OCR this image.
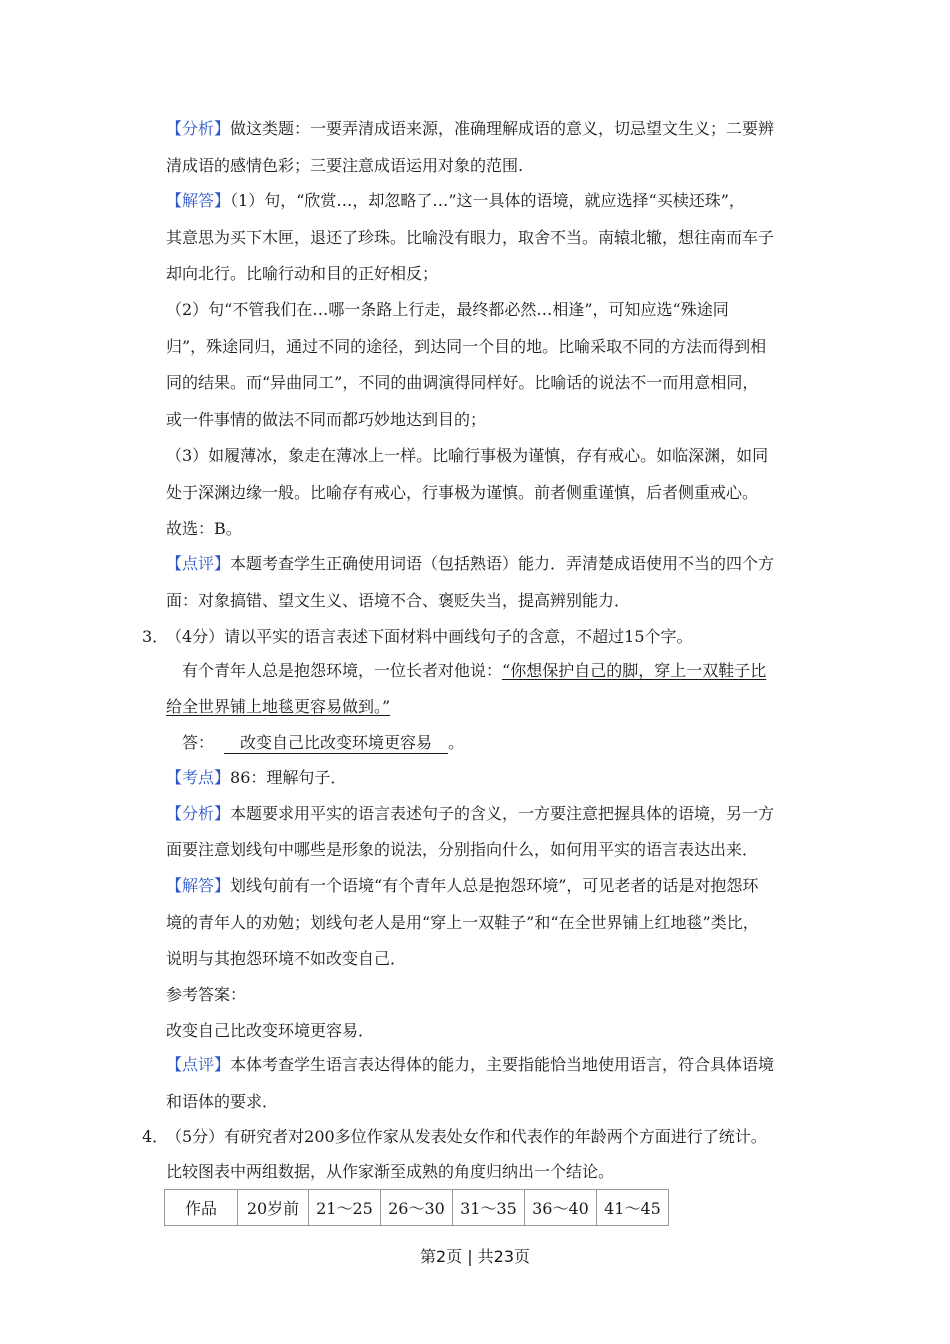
【分析】做这类题：一要弄清成语来源，准确理解成语的意义，切忌望文生义；二要辨
清成语的感情色彩；三要注意成语运用对象的范围.
【解答】（1）句，“欣赏…，却忽略了…”这一具体的语境，就应选择“买椟还珠”，
其意思为买下木匣，退还了珍珠。比喻没有眼力，取舍不当。南辕北辙，想往南而车子
却向北行。比喻行动和目的正好相反；
（2）句“不管我们在…哪一条路上行走，最终都必然…相逢”，可知应选“殊途同
归”，殊途同归，通过不同的途径，到达同一个目的地。比喻采取不同的方法而得到相
同的结果。而“异曲同工”，不同的曲调演得同样好。比喻话的说法不一而用意相同，
或一件事情的做法不同而都巧妙地达到目的；
（3）如履薄冰，象走在薄冰上一样。比喻行事极为谨慎，存有戒心。如临深渊，如同
处于深渊边缘一般。比喻存有戒心，行事极为谨慎。前者侧重谨慎，后者侧重戒心。
故选：B。
【点评】本题考查学生正确使用词语（包括熟语）能力．弄清楚成语使用不当的四个方
面：对象搞错、望文生义、语境不合、褒贬失当，提高辨别能力．
3．
（4分）请以平实的语言表述下面材料中画线句子的含意，不超过15个字。
有个青年人总是抱怨环境，一位长者对他说：“你想保护自己的脚，穿上一双鞋子比
给全世界铺上地毯更容易做到。”
答： 改变自己比改变环境更容易 。
【考点】86：理解句子．
【分析】本题要求用平实的语言表述句子的含义，一方要注意把握具体的语境，另一方
面要注意划线句中哪些是形象的说法，分别指向什么，如何用平实的语言表达出来．
【解答】划线句前有一个语境“有个青年人总是抱怨环境”，可见老者的话是对抱怨环
境的青年人的劝勉；划线句老人是用“穿上一双鞋子”和“在全世界铺上红地毯”类比，
说明与其抱怨环境不如改变自己．
参考答案：
改变自己比改变环境更容易．
【点评】本体考查学生语言表达得体的能力，主要指能恰当地使用语言，符合具体语境
和语体的要求．
4．
（5分）有研究者对200多位作家从发表处女作和代表作的年龄两个方面进行了统计。
比较图表中两组数据，从作家渐至成熟的角度归纳出一个结论。
作品	20岁前	21～25	26～30	31～35	36～40	41～45
第2页 | 共23页
